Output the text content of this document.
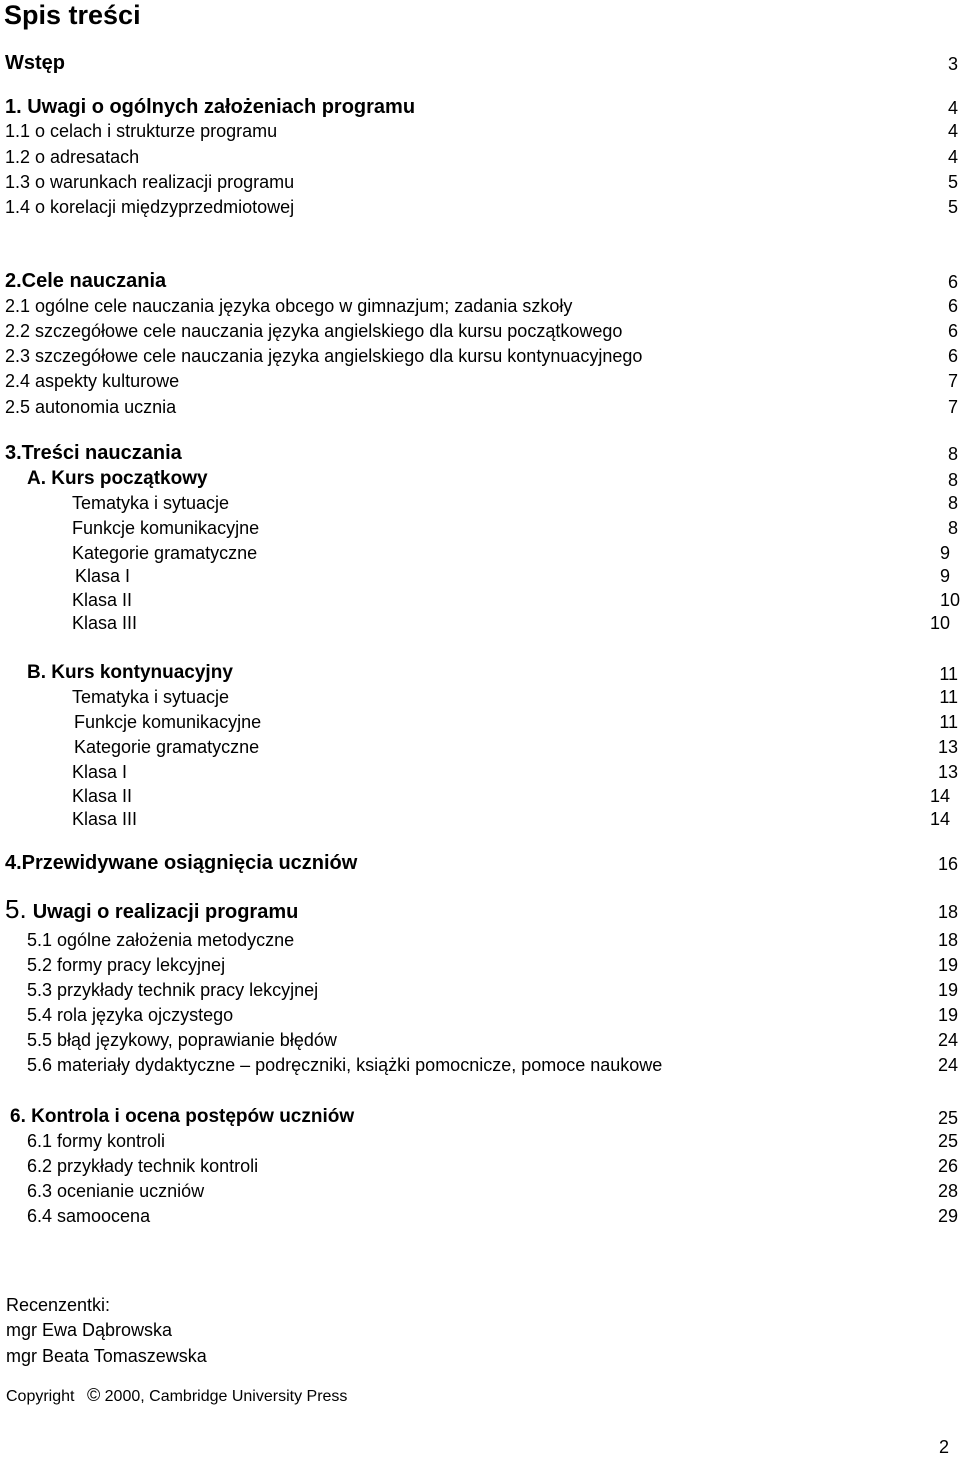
Spis treści
Wstęp	3
1. Uwagi o ogólnych założeniach programu	4
1.1 o celach i strukturze programu	4
1.2 o adresatach	4
1.3 o warunkach realizacji programu	5
1.4 o korelacji międzyprzedmiotowej	5
2.Cele nauczania	6
2.1 ogólne cele nauczania języka obcego w gimnazjum; zadania szkoły	6
2.2 szczegółowe cele nauczania języka angielskiego dla kursu początkowego	6
2.3 szczegółowe cele nauczania języka angielskiego dla kursu kontynuacyjnego	6
2.4 aspekty kulturowe	7
2.5 autonomia ucznia	7
3.Treści nauczania	8
A. Kurs początkowy	8
Tematyka i sytuacje	8
Funkcje komunikacyjne	8
Kategorie gramatyczne	9
Klasa I	9
Klasa II	10
Klasa III	10
B. Kurs kontynuacyjny	11
Tematyka i sytuacje	11
Funkcje komunikacyjne	11
Kategorie gramatyczne	13
Klasa I	13
Klasa II	14
Klasa III	14
4.Przewidywane osiągnięcia uczniów	16
5. Uwagi o realizacji programu	18
5.1 ogólne założenia metodyczne	18
5.2 formy pracy lekcyjnej	19
5.3 przykłady technik pracy lekcyjnej	19
5.4 rola języka ojczystego	19
5.5 błąd językowy, poprawianie błędów	24
5.6 materiały dydaktyczne – podręczniki, książki pomocnicze, pomoce naukowe	24
6. Kontrola i ocena postępów uczniów	25
6.1 formy kontroli	25
6.2 przykłady technik kontroli	26
6.3 ocenianie uczniów	28
6.4 samoocena	29
Recenzentki:
mgr Ewa Dąbrowska
mgr Beata Tomaszewska
Copyright © 2000, Cambridge University Press
2
